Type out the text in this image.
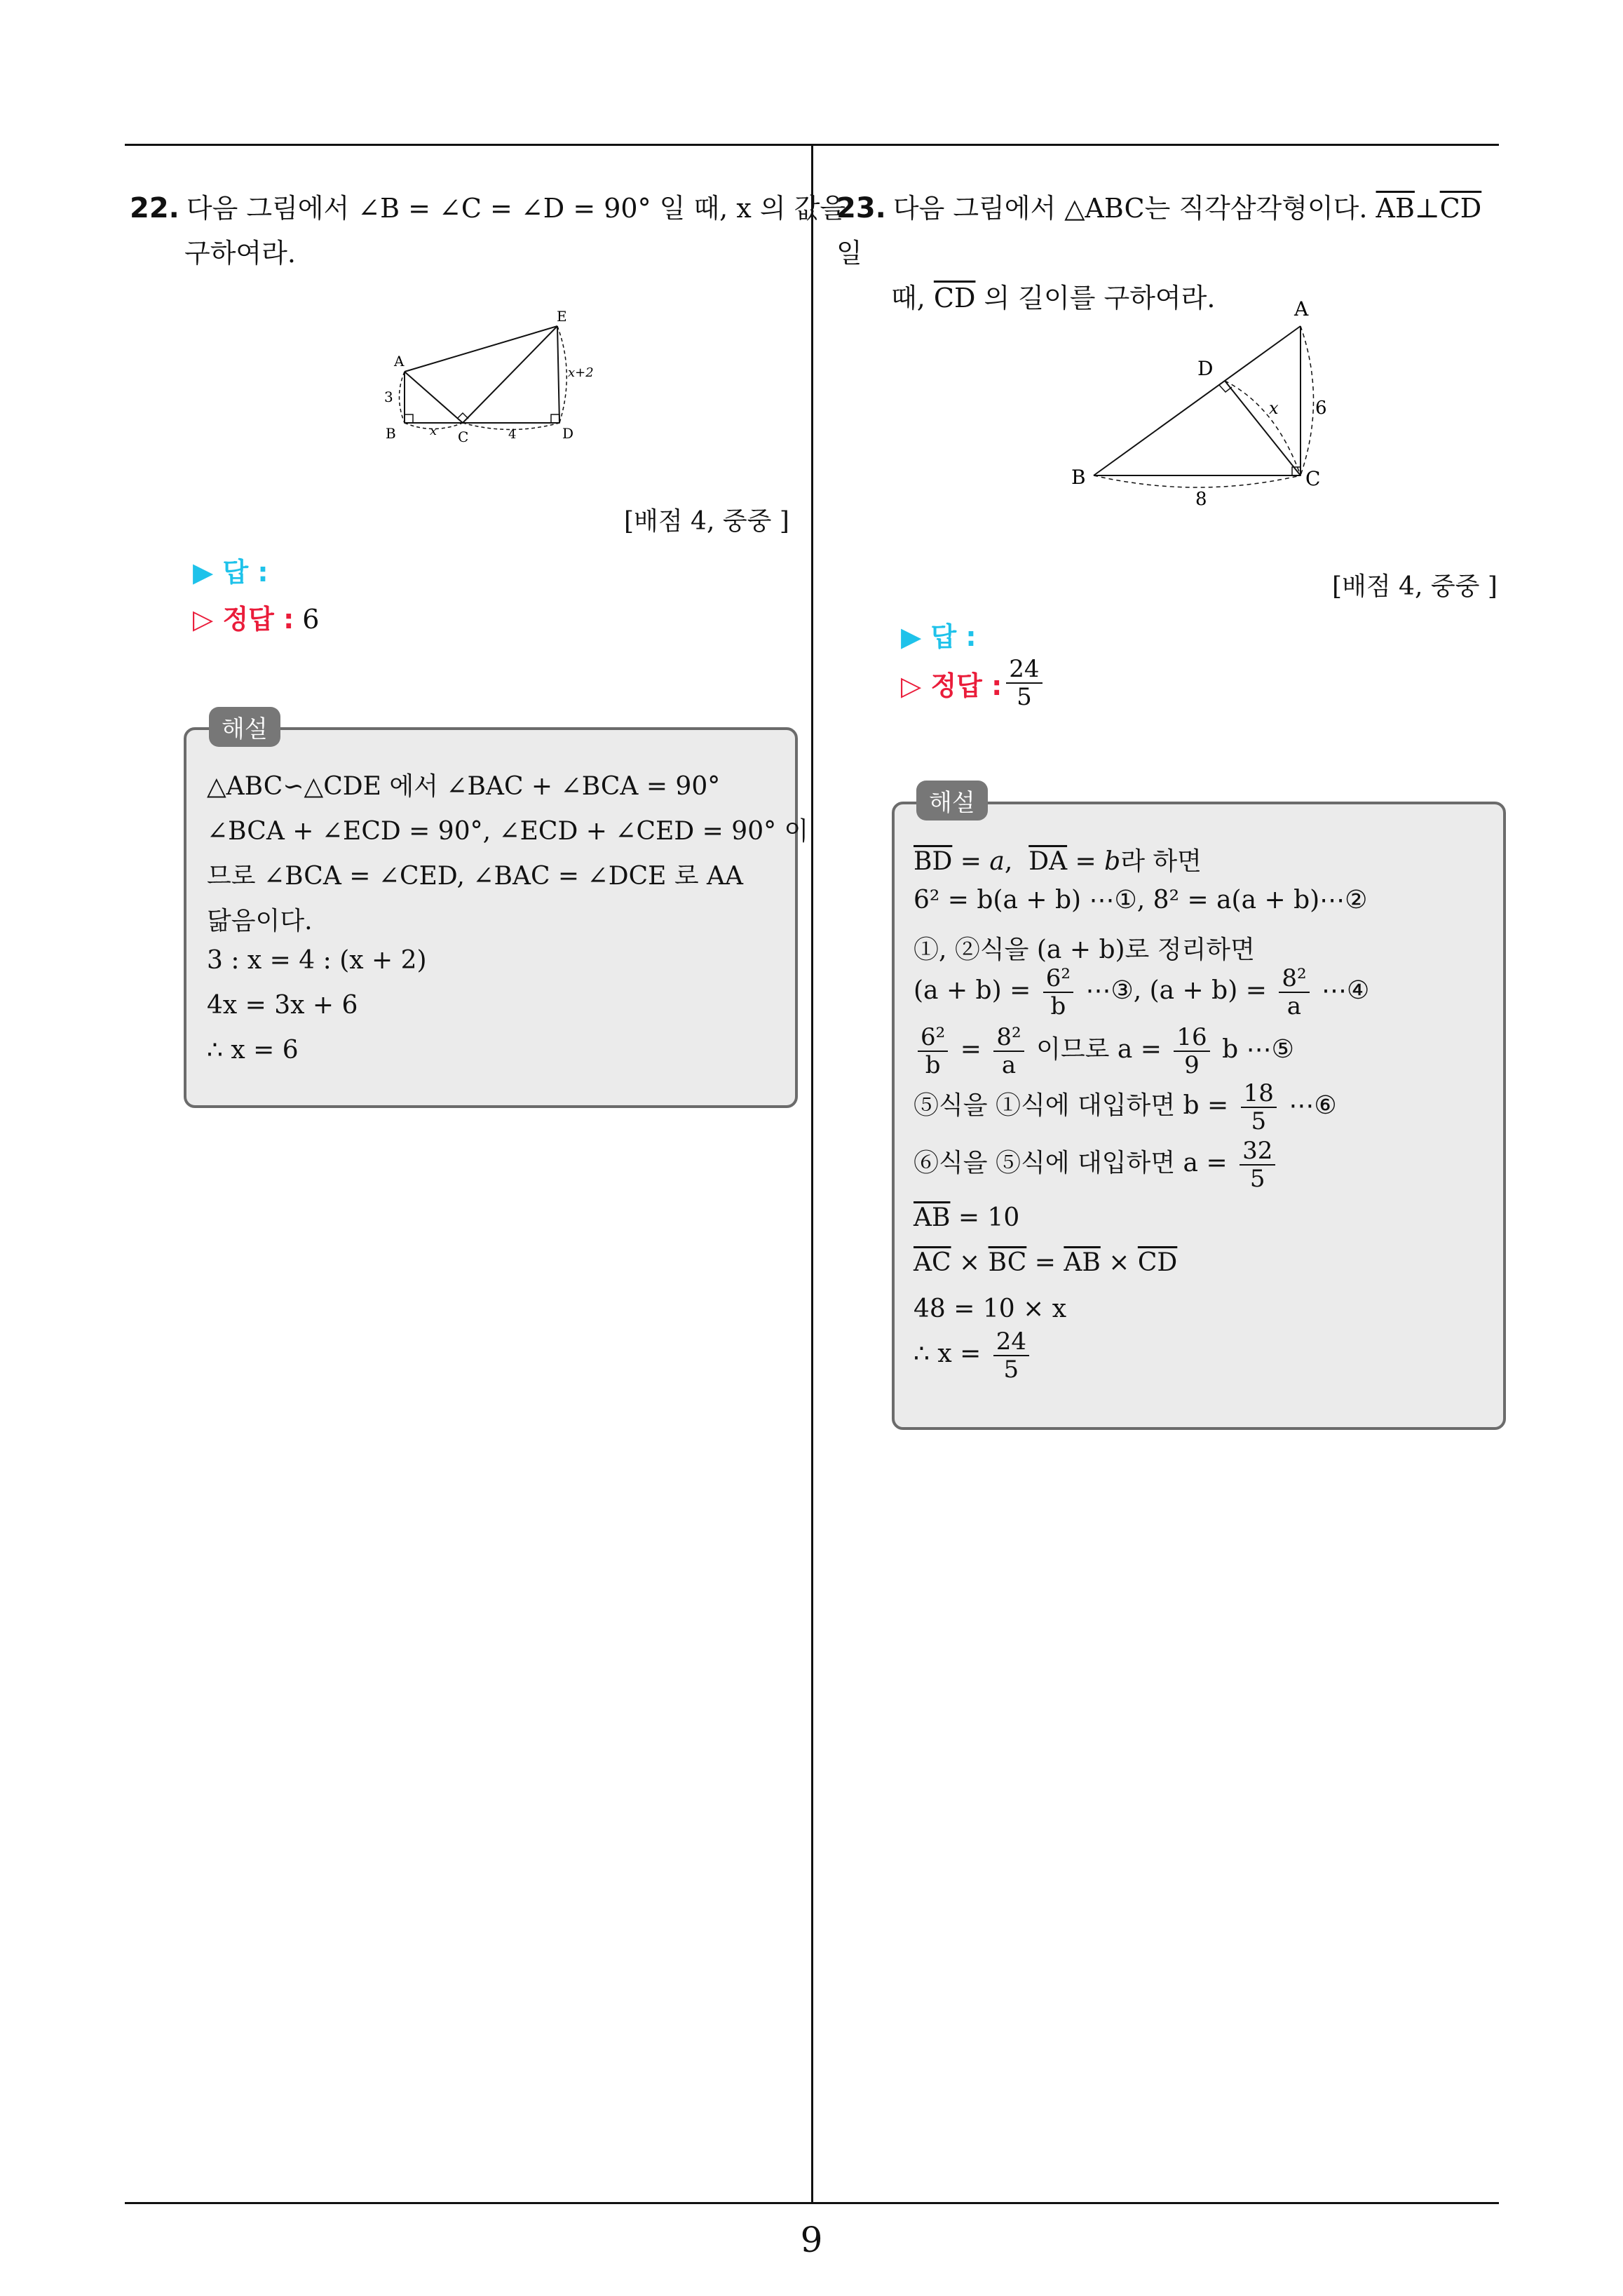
9
22. 다음 그림에서 ∠B = ∠C = ∠D = 90° 일 때, x 의 값을 구하여라.
A
E
B	C	D
3
x	4
x+2
[배점 4, 중중 ]
▶ 답 :
▷ 정답 : 6
해설
△ABC∽△CDE 에서 ∠BAC + ∠BCA = 90°
∠BCA + ∠ECD = 90°, ∠ECD + ∠CED = 90° 이
므로 ∠BCA = ∠CED, ∠BAC = ∠DCE 로 AA
닮음이다.
3 : x = 4 : (x + 2)
4x = 3x + 6
∴ x = 6
23. 다음 그림에서 △ABC는 직각삼각형이다. $\overline{AB}\perp\overline{CD}$ 일
때, $\overline{CD}$ 의 길이를 구하여라.	A
D
B	C
6
8
x
[배점 4, 중중 ]
▶ 답 :
▷ 정답 : $\frac{24}{5}$
해설
$\overline{BD} = a$,  $\overline{DA} = b$라 하면
6² = b(a + b) ⋯①, 8² = a(a + b)⋯②
①, ②식을 (a + b)로 정리하면
$(a + b) = \frac{\text{6²}}{b}$ ⋯③, $(a + b) = \frac{\text{8²}}{a}$ ⋯④
$\frac{\text{6²}}{b} = \frac{\text{8²}}{a}$ 이므로 $a = \frac{16}{9}$ b ⋯⑤
⑤식을 ①식에 대입하면 $b = \frac{18}{5}$ ⋯⑥
⑥식을 ⑤식에 대입하면 $a = \frac{32}{5}$
$\overline{AB} = 10$
$\overline{AC} \times \overline{BC} = \overline{AB} \times \overline{CD}$
48 = 10 × x
∴ $x = \frac{24}{5}$
